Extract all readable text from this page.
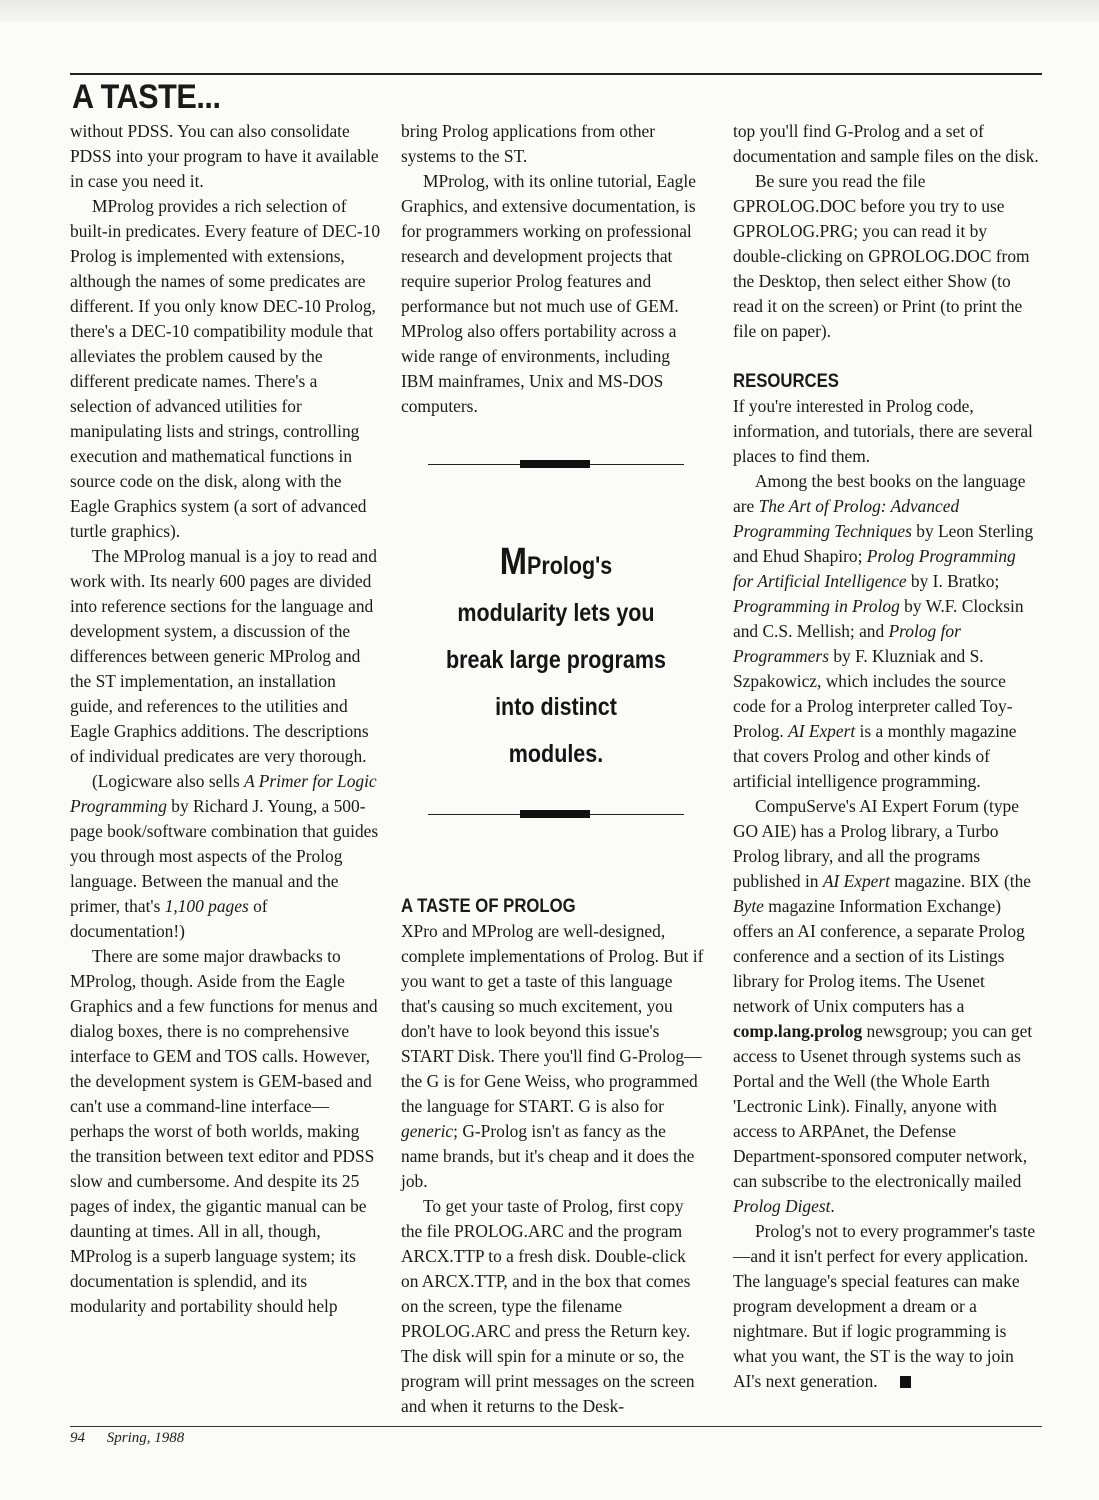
A TASTE...

without PDSS. You can also consolidate PDSS into your program to have it available in case you need it.

MProlog provides a rich selection of built-in predicates. Every feature of DEC-10 Prolog is implemented with extensions, although the names of some predicates are different. If you only know DEC-10 Prolog, there's a DEC-10 compatibility module that alleviates the problem caused by the different predicate names. There's a selection of advanced utilities for manipulating lists and strings, controlling execution and mathematical functions in source code on the disk, along with the Eagle Graphics system (a sort of advanced turtle graphics).

The MProlog manual is a joy to read and work with. Its nearly 600 pages are divided into reference sections for the language and development system, a discussion of the differences between generic MProlog and the ST implementation, an installation guide, and references to the utilities and Eagle Graphics additions. The descriptions of individual predicates are very thorough.

(Logicware also sells A Primer for Logic Programming by Richard J. Young, a 500-page book/software combination that guides you through most aspects of the Prolog language. Between the manual and the primer, that's 1,100 pages of documentation!)

There are some major drawbacks to MProlog, though. Aside from the Eagle Graphics and a few functions for menus and dialog boxes, there is no comprehensive interface to GEM and TOS calls. However, the development system is GEM-based and can't use a command-line interface—perhaps the worst of both worlds, making the transition between text editor and PDSS slow and cumbersome. And despite its 25 pages of index, the gigantic manual can be daunting at times. All in all, though, MProlog is a superb language system; its documentation is splendid, and its modularity and portability should help

bring Prolog applications from other systems to the ST.

MProlog, with its online tutorial, Eagle Graphics, and extensive documentation, is for programmers working on professional research and development projects that require superior Prolog features and performance but not much use of GEM. MProlog also offers portability across a wide range of environments, including IBM mainframes, Unix and MS-DOS computers.

A TASTE OF PROLOG

XPro and MProlog are well-designed, complete implementations of Prolog. But if you want to get a taste of this language that's causing so much excitement, you don't have to look beyond this issue's START Disk. There you'll find G-Prolog—the G is for Gene Weiss, who programmed the language for START. G is also for generic; G-Prolog isn't as fancy as the name brands, but it's cheap and it does the job.

To get your taste of Prolog, first copy the file PROLOG.ARC and the program ARCX.TTP to a fresh disk. Double-click on ARCX.TTP, and in the box that comes on the screen, type the filename PROLOG.ARC and press the Return key. The disk will spin for a minute or so, the program will print messages on the screen and when it returns to the Desk-

MProlog's
modularity lets you
break large programs
into distinct
modules.

top you'll find G-Prolog and a set of documentation and sample files on the disk.

Be sure you read the file GPROLOG.DOC before you try to use GPROLOG.PRG; you can read it by double-clicking on GPROLOG.DOC from the Desktop, then select either Show (to read it on the screen) or Print (to print the file on paper).

RESOURCES

If you're interested in Prolog code, information, and tutorials, there are several places to find them.

Among the best books on the language are The Art of Prolog: Advanced Programming Techniques by Leon Sterling and Ehud Shapiro; Prolog Programming for Artificial Intelligence by I. Bratko; Programming in Prolog by W.F. Clocksin and C.S. Mellish; and Prolog for Programmers by F. Kluzniak and S. Szpakowicz, which includes the source code for a Prolog interpreter called Toy-Prolog. AI Expert is a monthly magazine that covers Prolog and other kinds of artificial intelligence programming.

CompuServe's AI Expert Forum (type GO AIE) has a Prolog library, a Turbo Prolog library, and all the programs published in AI Expert magazine. BIX (the Byte magazine Information Exchange) offers an AI conference, a separate Prolog conference and a section of its Listings library for Prolog items. The Usenet network of Unix computers has a comp.lang.prolog newsgroup; you can get access to Usenet through systems such as Portal and the Well (the Whole Earth 'Lectronic Link). Finally, anyone with access to ARPAnet, the Defense Department-sponsored computer network, can subscribe to the electronically mailed Prolog Digest.

Prolog's not to every programmer's taste—and it isn't perfect for every application. The language's special features can make program development a dream or a nightmare. But if logic programming is what you want, the ST is the way to join AI's next generation.

94 Spring, 1988
